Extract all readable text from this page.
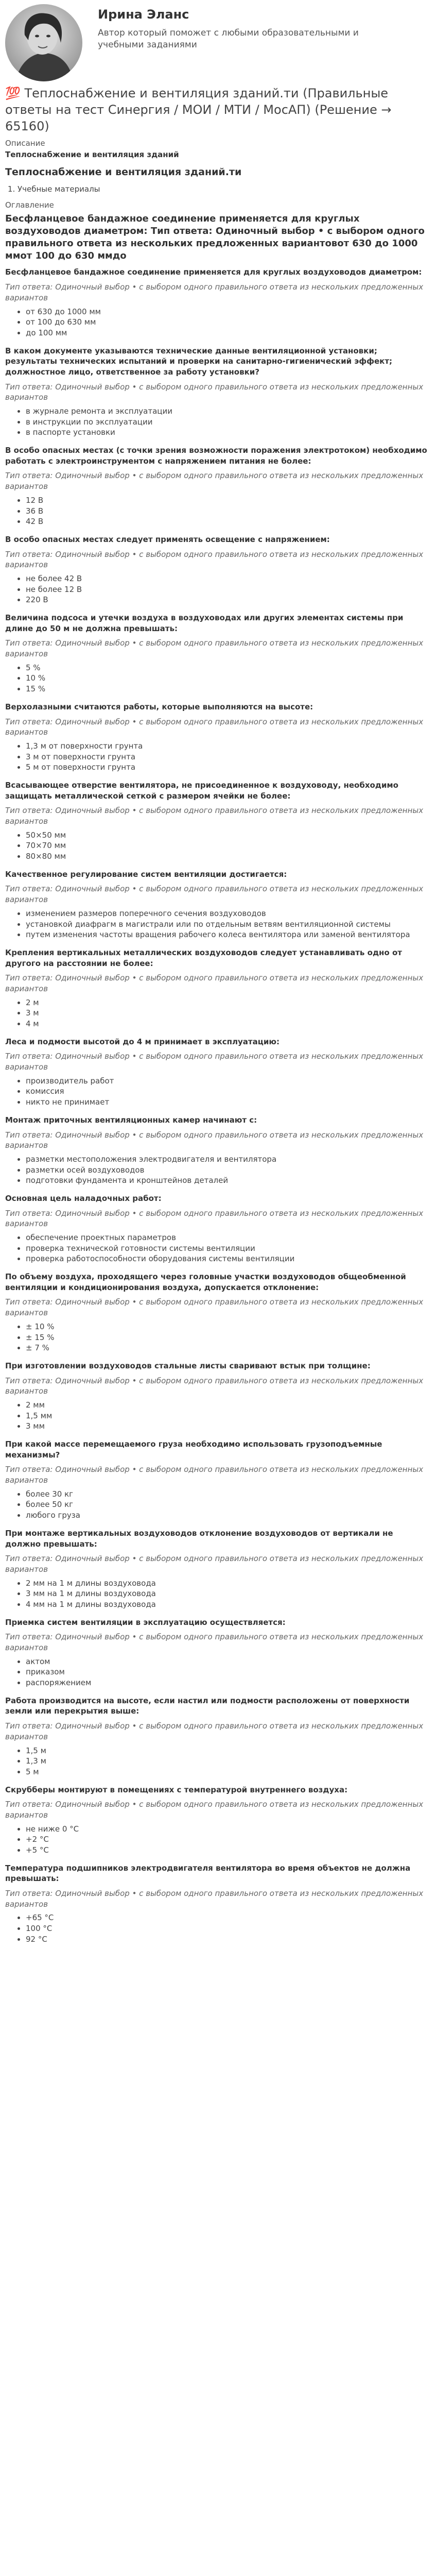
Ирина Эланс
Автор который поможет с любыми образовательными и учебными заданиями
💯 Теплоснабжение и вентиляция зданий.ти (Правильные ответы на тест Синергия / МОИ / МТИ / МосАП) (Решение → 65160)
Описание
Теплоснабжение и вентиляция зданий
Теплоснабжение и вентиляция зданий.ти
1. Учебные материалы
Оглавление
Бесфланцевое бандажное соединение применяется для круглых воздуховодов диаметром: Тип ответа: Одиночный выбор • с выбором одного правильного ответа из нескольких предложенных вариантовот 630 до 1000 ммот 100 до 630 ммдо
Бесфланцевое бандажное соединение применяется для круглых воздуховодов диаметром:
Тип ответа: Одиночный выбор • с выбором одного правильного ответа из нескольких предложенных вариантов
• от 630 до 1000 мм
• от 100 до 630 мм
• до 100 мм
В каком документе указываются технические данные вентиляционной установки; результаты технических испытаний и проверки на санитарно-гигиенический эффект; должностное лицо, ответственное за работу установки?
Тип ответа: Одиночный выбор • с выбором одного правильного ответа из нескольких предложенных вариантов
• в журнале ремонта и эксплуатации
• в инструкции по эксплуатации
• в паспорте установки
В особо опасных местах (с точки зрения возможности поражения электротоком) необходимо работать с электроинструментом с напряжением питания не более:
Тип ответа: Одиночный выбор • с выбором одного правильного ответа из нескольких предложенных вариантов
• 12 В
• 36 В
• 42 В
В особо опасных местах следует применять освещение с напряжением:
Тип ответа: Одиночный выбор • с выбором одного правильного ответа из нескольких предложенных вариантов
• не более 42 В
• не более 12 В
• 220 В
Величина подсоса и утечки воздуха в воздуховодах или других элементах системы при длине до 50 м не должна превышать:
Тип ответа: Одиночный выбор • с выбором одного правильного ответа из нескольких предложенных вариантов
• 5 %
• 10 %
• 15 %
Верхолазными считаются работы, которые выполняются на высоте:
Тип ответа: Одиночный выбор • с выбором одного правильного ответа из нескольких предложенных вариантов
• 1,3 м от поверхности грунта
• 3 м от поверхности грунта
• 5 м от поверхности грунта
Всасывающее отверстие вентилятора, не присоединенное к воздуховоду, необходимо защищать металлической сеткой с размером ячейки не более:
Тип ответа: Одиночный выбор • с выбором одного правильного ответа из нескольких предложенных вариантов
• 50⨯50 мм
• 70⨯70 мм
• 80⨯80 мм
Качественное регулирование систем вентиляции достигается:
Тип ответа: Одиночный выбор • с выбором одного правильного ответа из нескольких предложенных вариантов
• изменением размеров поперечного сечения воздуховодов
• установкой диафрагм в магистрали или по отдельным ветвям вентиляционной системы
• путем изменения частоты вращения рабочего колеса вентилятора или заменой вентилятора
Крепления вертикальных металлических воздуховодов следует устанавливать одно от другого на расстоянии не более:
Тип ответа: Одиночный выбор • с выбором одного правильного ответа из нескольких предложенных вариантов
• 2 м
• 3 м
• 4 м
Леса и подмости высотой до 4 м принимает в эксплуатацию:
Тип ответа: Одиночный выбор • с выбором одного правильного ответа из нескольких предложенных вариантов
• производитель работ
• комиссия
• никто не принимает
Монтаж приточных вентиляционных камер начинают с:
Тип ответа: Одиночный выбор • с выбором одного правильного ответа из нескольких предложенных вариантов
• разметки местоположения электродвигателя и вентилятора
• разметки осей воздуховодов
• подготовки фундамента и кронштейнов деталей
Основная цель наладочных работ:
Тип ответа: Одиночный выбор • с выбором одного правильного ответа из нескольких предложенных вариантов
• обеспечение проектных параметров
• проверка технической готовности системы вентиляции
• проверка работоспособности оборудования системы вентиляции
По объему воздуха, проходящего через головные участки воздуховодов общеобменной вентиляции и кондиционирования воздуха, допускается отклонение:
Тип ответа: Одиночный выбор • с выбором одного правильного ответа из нескольких предложенных вариантов
• ± 10 %
• ± 15 %
• ± 7 %
При изготовлении воздуховодов стальные листы сваривают встык при толщине:
Тип ответа: Одиночный выбор • с выбором одного правильного ответа из нескольких предложенных вариантов
• 2 мм
• 1,5 мм
• 3 мм
При какой массе перемещаемого груза необходимо использовать грузоподъемные механизмы?
Тип ответа: Одиночный выбор • с выбором одного правильного ответа из нескольких предложенных вариантов
• более 30 кг
• более 50 кг
• любого груза
При монтаже вертикальных воздуховодов отклонение воздуховодов от вертикали не должно превышать:
Тип ответа: Одиночный выбор • с выбором одного правильного ответа из нескольких предложенных вариантов
• 2 мм на 1 м длины воздуховода
• 3 мм на 1 м длины воздуховода
• 4 мм на 1 м длины воздуховода
Приемка систем вентиляции в эксплуатацию осуществляется:
Тип ответа: Одиночный выбор • с выбором одного правильного ответа из нескольких предложенных вариантов
• актом
• приказом
• распоряжением
Работа производится на высоте, если настил или подмости расположены от поверхности земли или перекрытия выше:
Тип ответа: Одиночный выбор • с выбором одного правильного ответа из нескольких предложенных вариантов
• 1,5 м
• 1,3 м
• 5 м
Скрубберы монтируют в помещениях с температурой внутреннего воздуха:
Тип ответа: Одиночный выбор • с выбором одного правильного ответа из нескольких предложенных вариантов
• не ниже 0 °С
• +2 °С
• +5 °С
Температура подшипников электродвигателя вентилятора во время объектов не должна превышать:
Тип ответа: Одиночный выбор • с выбором одного правильного ответа из нескольких предложенных вариантов
• +65 °С
• 100 °С
• 92 °С
